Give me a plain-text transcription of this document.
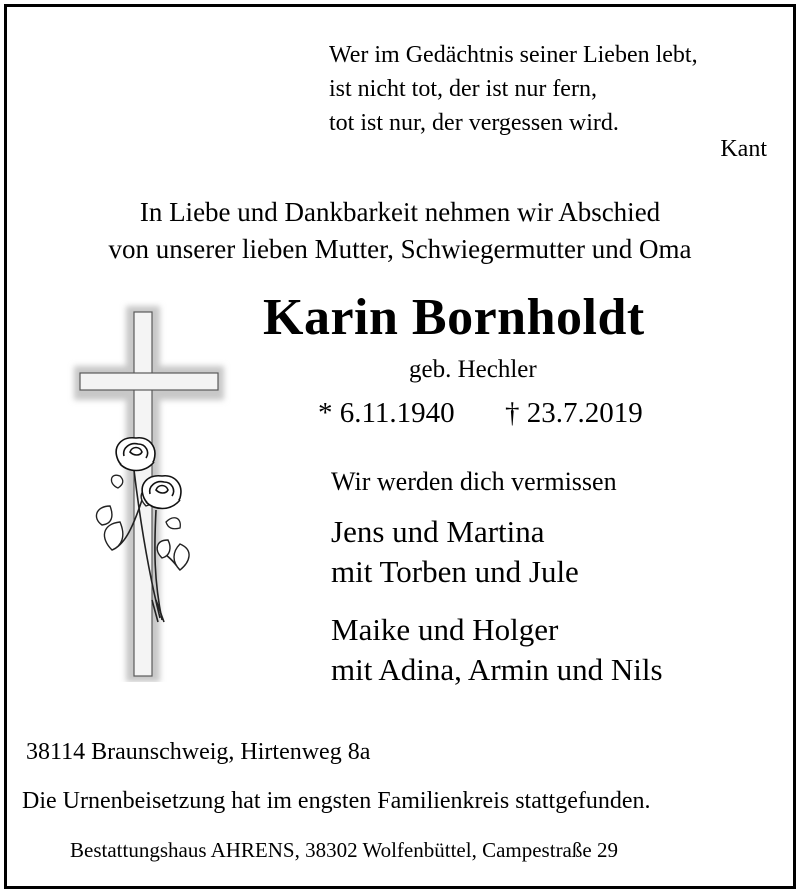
Wer im Gedächtnis seiner Lieben lebt,
ist nicht tot, der ist nur fern,
tot ist nur, der vergessen wird.
Kant
In Liebe und Dankbarkeit nehmen wir Abschied
von unserer lieben Mutter, Schwiegermutter und Oma
Karin Bornholdt
geb. Hechler
* 6.11.1940 † 23.7.2019
Wir werden dich vermissen
Jens und Martina
mit Torben und Jule
Maike und Holger
mit Adina, Armin und Nils
38114 Braunschweig, Hirtenweg 8a
Die Urnenbeisetzung hat im engsten Familienkreis stattgefunden.
Bestattungshaus AHRENS, 38302 Wolfenbüttel, Campestraße 29
